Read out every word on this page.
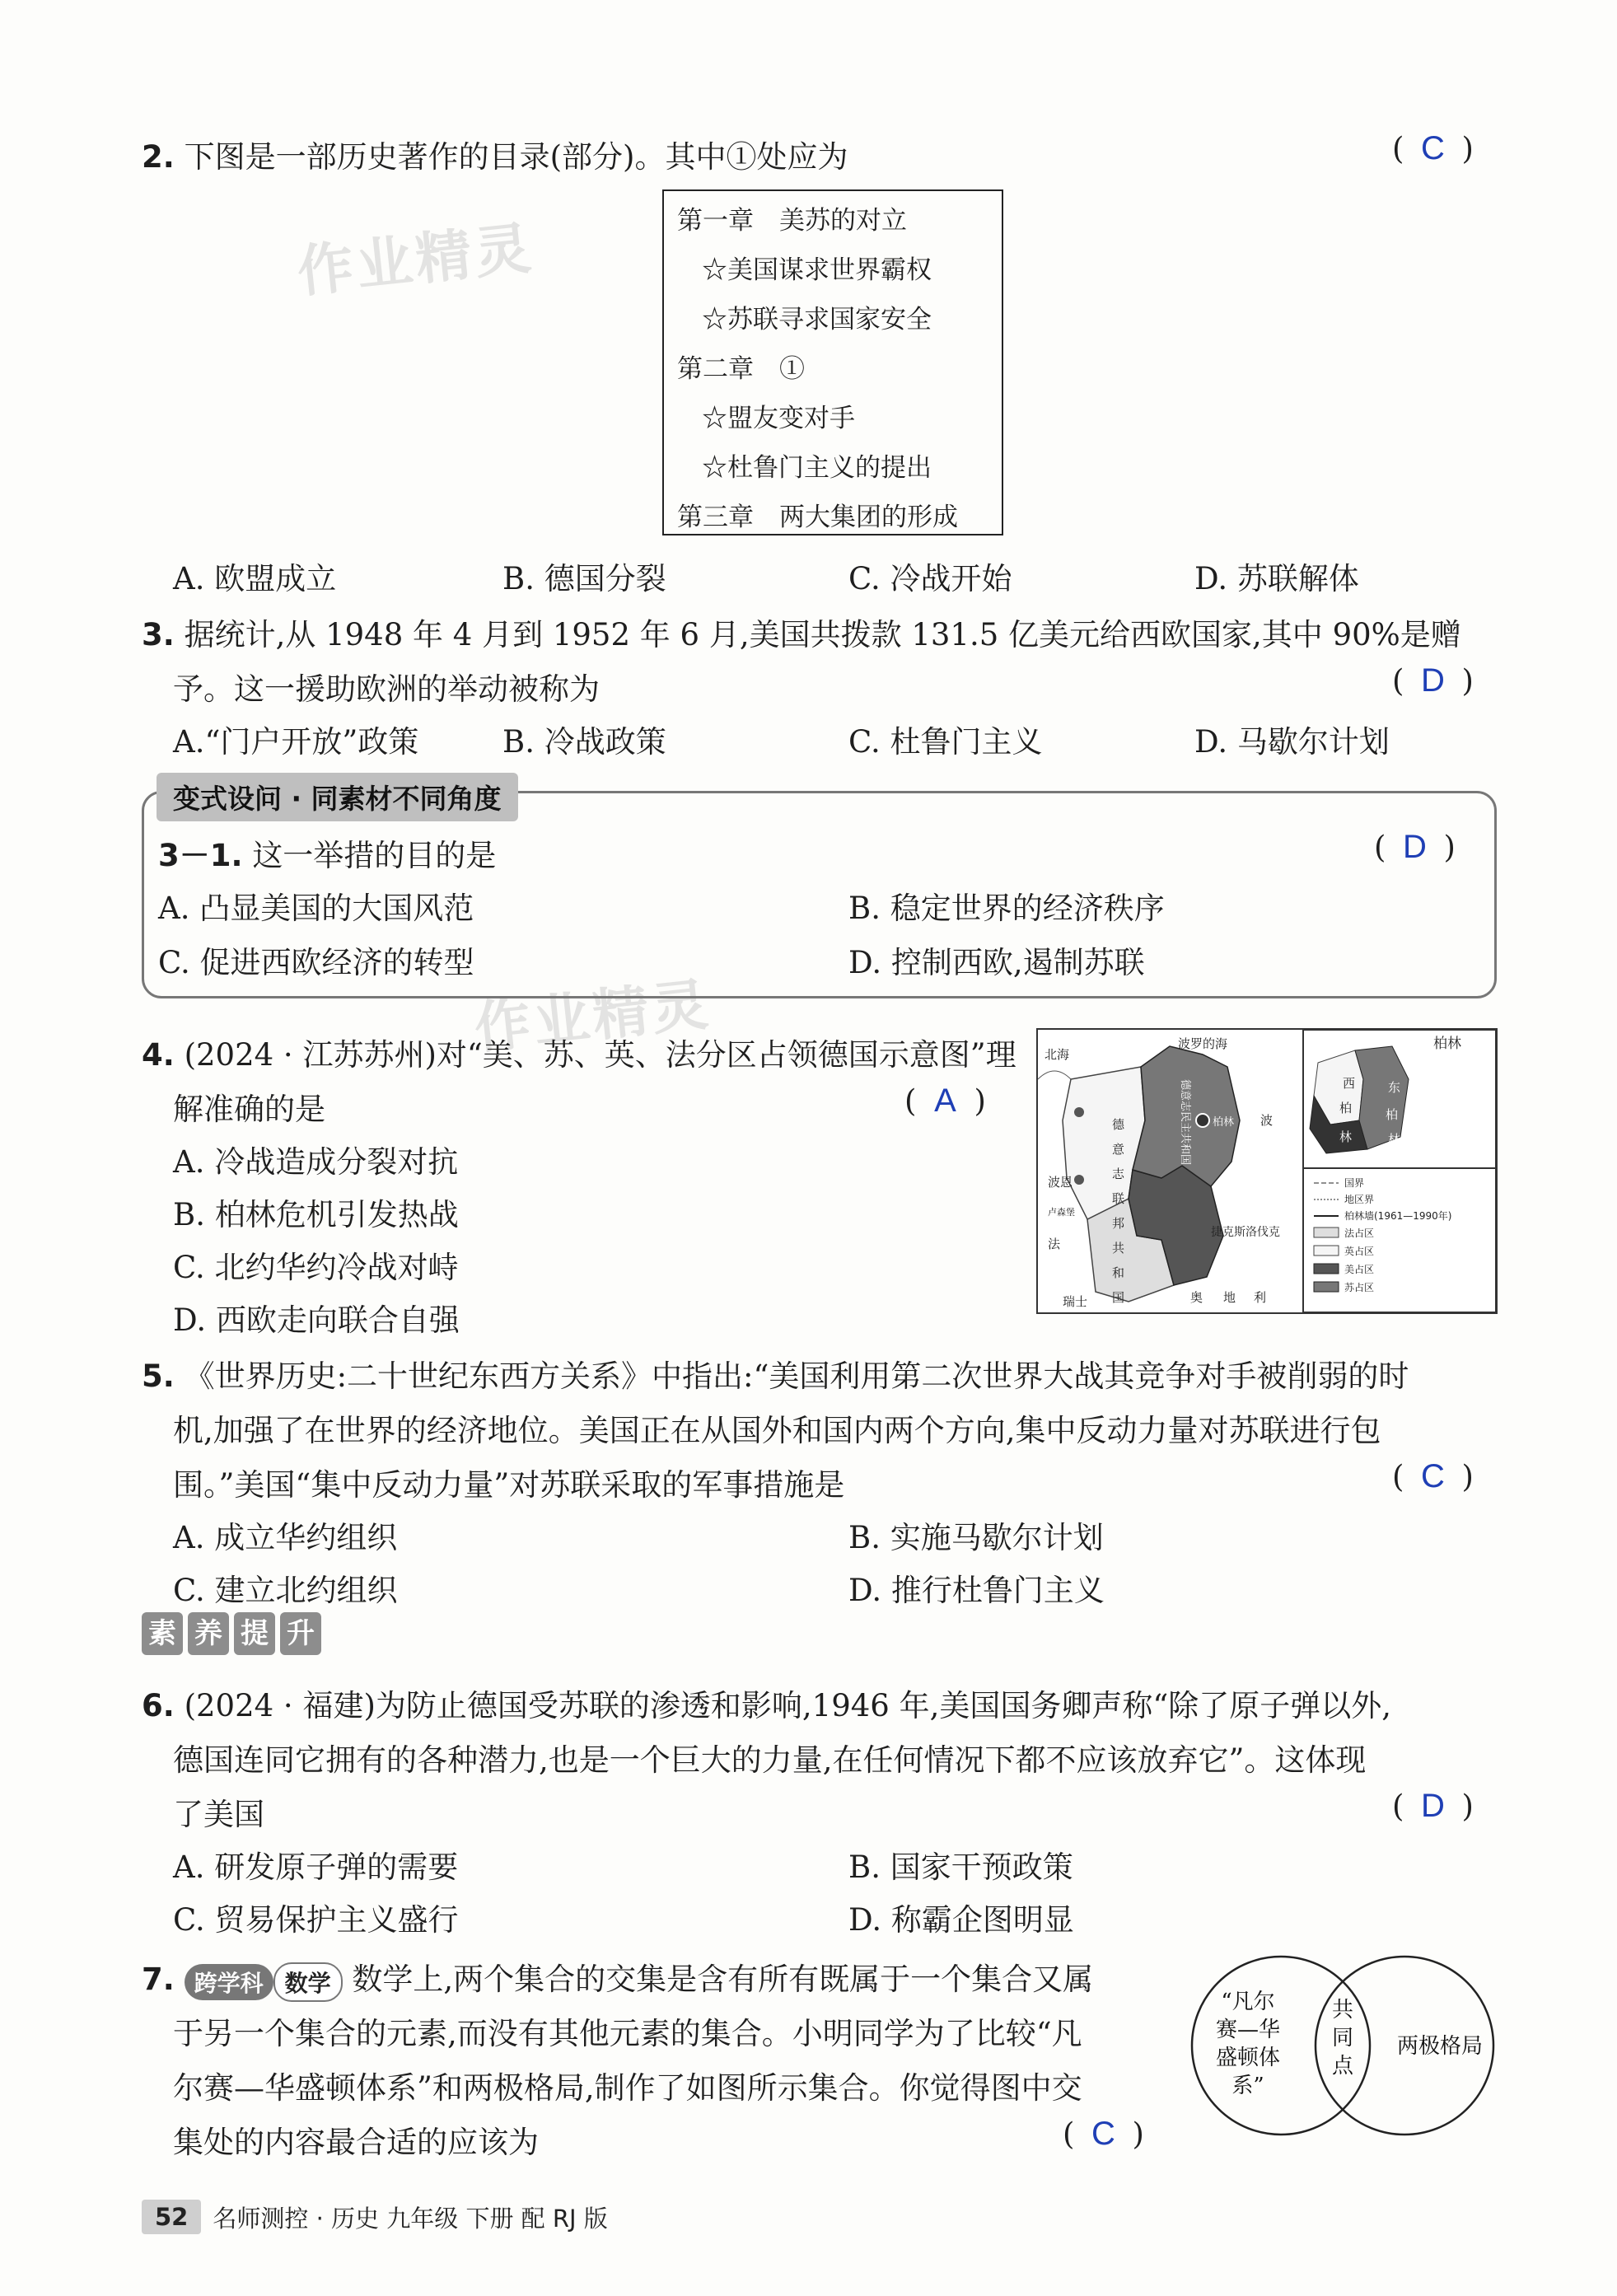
作业精灵
作业精灵
2. 下图是一部历史著作的目录(部分)。其中①处应为	( C )
第一章　美苏的对立
☆美国谋求世界霸权
☆苏联寻求国家安全
第二章　①
☆盟友变对手
☆杜鲁门主义的提出
第三章　两大集团的形成
A. 欧盟成立	B. 德国分裂	C. 冷战开始	D. 苏联解体
3. 据统计,从 1948 年 4 月到 1952 年 6 月,美国共拨款 131.5 亿美元给西欧国家,其中 90%是赠
予。这一援助欧洲的举动被称为	( D )
A.“门户开放”政策	B. 冷战政策	C. 杜鲁门主义	D. 马歇尔计划
变式设问 · 同素材不同角度
3－1. 这一举措的目的是	( D )
A. 凸显美国的大国风范	B. 稳定世界的经济秩序
C. 促进西欧经济的转型	D. 控制西欧,遏制苏联
4. (2024 · 江苏苏州)对“美、苏、英、法分区占领德国示意图”理
解准确的是	( A )
A. 冷战造成分裂对抗
B. 柏林危机引发热战
C. 北约华约冷战对峙
D. 西欧走向联合自强
北海
波罗的海
波
德
意
志
联
邦
共
和
国
德意志民主共和国 柏林
波恩
捷克斯洛伐克
法
瑞士	奥 地 利
卢森堡
柏林
西
柏
林
东
柏
林
国界
地区界
柏林墙(1961—1990年)
法占区
英占区
美占区
苏占区
5. 《世界历史:二十世纪东西方关系》中指出:“美国利用第二次世界大战其竞争对手被削弱的时
机,加强了在世界的经济地位。美国正在从国外和国内两个方向,集中反动力量对苏联进行包
围。”美国“集中反动力量”对苏联采取的军事措施是	( C )
A. 成立华约组织	B. 实施马歇尔计划
C. 建立北约组织	D. 推行杜鲁门主义
素 养 提 升
6. (2024 · 福建)为防止德国受苏联的渗透和影响,1946 年,美国国务卿声称“除了原子弹以外,
德国连同它拥有的各种潜力,也是一个巨大的力量,在任何情况下都不应该放弃它”。这体现
了美国	( D )
A. 研发原子弹的需要	B. 国家干预政策
C. 贸易保护主义盛行	D. 称霸企图明显
7. 跨学科 数学 数学上,两个集合的交集是含有所有既属于一个集合又属
于另一个集合的元素,而没有其他元素的集合。小明同学为了比较“凡
尔赛—华盛顿体系”和两极格局,制作了如图所示集合。你觉得图中交
集处的内容最合适的应该为	( C )
“凡尔
赛—华
盛顿体
系”
共
同
点
两极格局
52	名师测控 · 历史 九年级 下册 配 RJ 版
